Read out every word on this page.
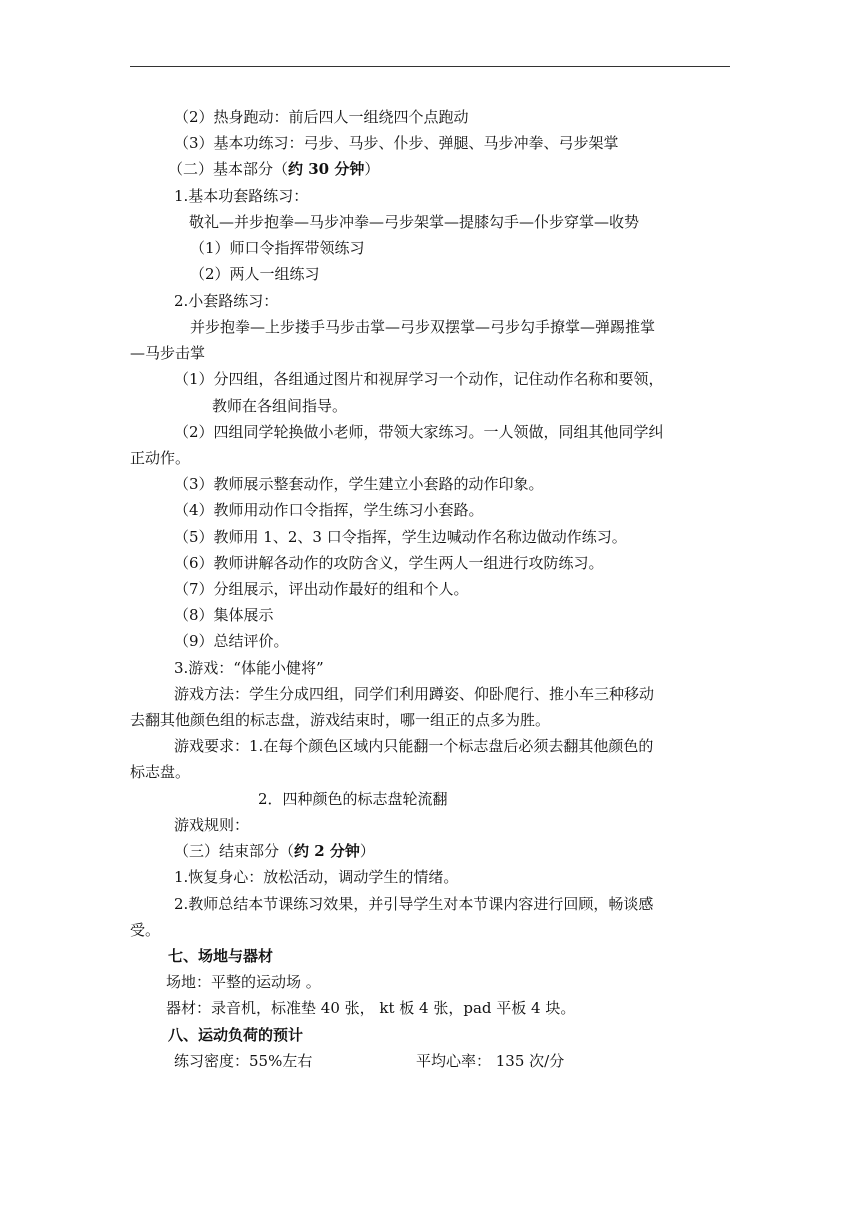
（2）热身跑动：前后四人一组绕四个点跑动
（3）基本功练习：弓步、马步、仆步、弹腿、马步冲拳、弓步架掌
（二）基本部分（约 30 分钟）
1.基本功套路练习：
敬礼—并步抱拳—马步冲拳—弓步架掌—提膝勾手—仆步穿掌—收势
（1）师口令指挥带领练习
（2）两人一组练习
2.小套路练习：
并步抱拳—上步搂手马步击掌—弓步双摆掌—弓步勾手撩掌—弹踢推掌
—马步击掌
（1）分四组，各组通过图片和视屏学习一个动作，记住动作名称和要领，
教师在各组间指导。
（2）四组同学轮换做小老师，带领大家练习。一人领做，同组其他同学纠
正动作。
（3）教师展示整套动作，学生建立小套路的动作印象。
（4）教师用动作口令指挥，学生练习小套路。
（5）教师用 1、2、3 口令指挥，学生边喊动作名称边做动作练习。
（6）教师讲解各动作的攻防含义，学生两人一组进行攻防练习。
（7）分组展示，评出动作最好的组和个人。
（8）集体展示
（9）总结评价。
3.游戏：“体能小健将”
游戏方法：学生分成四组，同学们利用蹲姿、仰卧爬行、推小车三种移动
去翻其他颜色组的标志盘，游戏结束时，哪一组正的点多为胜。
游戏要求：1.在每个颜色区域内只能翻一个标志盘后必须去翻其他颜色的
标志盘。
2．四种颜色的标志盘轮流翻
游戏规则：
（三）结束部分（约 2 分钟）
1.恢复身心：放松活动，调动学生的情绪。
2.教师总结本节课练习效果，并引导学生对本节课内容进行回顾，畅谈感
受。
七、场地与器材
场地：平整的运动场 。
器材：录音机，标准垫 40 张， kt 板 4 张，pad 平板 4 块。
八、运动负荷的预计
练习密度：55%左右	平均心率： 135 次/分
